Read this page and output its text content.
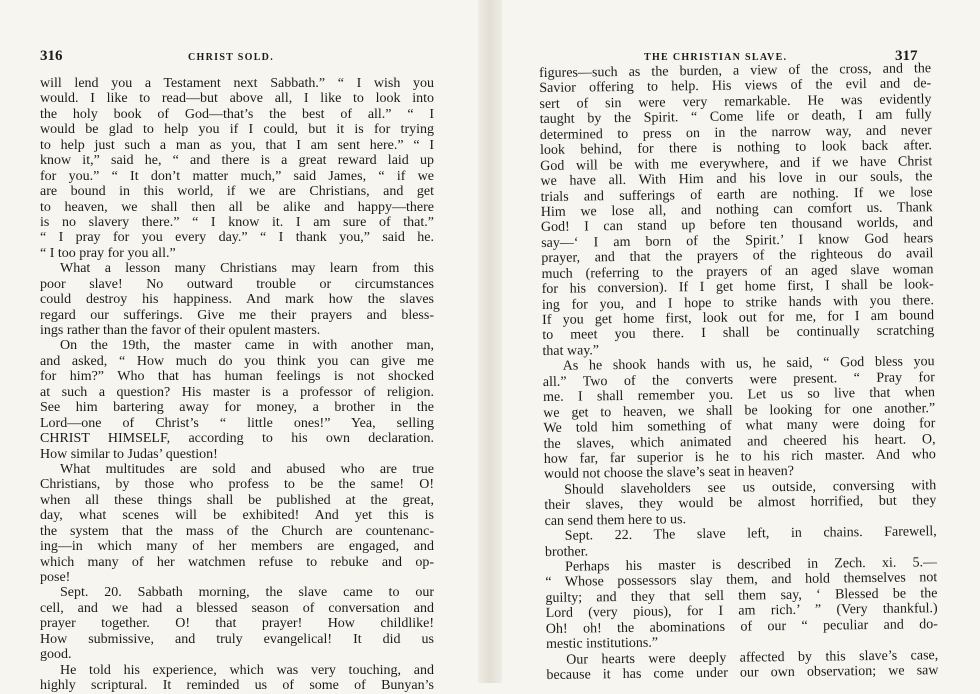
316	CHRIST SOLD.
will lend you a Testament next Sabbath.” “ I wish you
would. I like to read—but above all, I like to look into
the holy book of God—that’s the best of all.” “ I
would be glad to help you if I could, but it is for trying
to help just such a man as you, that I am sent here.” “ I
know it,” said he, “ and there is a great reward laid up
for you.” “ It don’t matter much,” said James, “ if we
are bound in this world, if we are Christians, and get
to heaven, we shall then all be alike and happy—there
is no slavery there.” “ I know it. I am sure of that.”
“ I pray for you every day.” “ I thank you,” said he.
“ I too pray for you all.”
What a lesson many Christians may learn from this
poor slave! No outward trouble or circumstances
could destroy his happiness. And mark how the slaves
regard our sufferings. Give me their prayers and bless-
ings rather than the favor of their opulent masters.
On the 19th, the master came in with another man,
and asked, “ How much do you think you can give me
for him?” Who that has human feelings is not shocked
at such a question? His master is a professor of religion.
See him bartering away for money, a brother in the
Lord—one of Christ’s “ little ones!” Yea, selling
CHRIST HIMSELF, according to his own declaration.
How similar to Judas’ question!
What multitudes are sold and abused who are true
Christians, by those who profess to be the same! O!
when all these things shall be published at the great,
day, what scenes will be exhibited! And yet this is
the system that the mass of the Church are countenanc-
ing—in which many of her members are engaged, and
which many of her watchmen refuse to rebuke and op-
pose!
Sept. 20. Sabbath morning, the slave came to our
cell, and we had a blessed season of conversation and
prayer together. O! that prayer! How childlike!
How submissive, and truly evangelical! It did us
good.
He told his experience, which was very touching, and
highly scriptural. It reminded us of some of Bunyan’s
THE CHRISTIAN SLAVE.	317
figures—such as the burden, a view of the cross, and the
Savior offering to help. His views of the evil and de-
sert of sin were very remarkable. He was evidently
taught by the Spirit. “ Come life or death, I am fully
determined to press on in the narrow way, and never
look behind, for there is nothing to look back after.
God will be with me everywhere, and if we have Christ
we have all. With Him and his love in our souls, the
trials and sufferings of earth are nothing. If we lose
Him we lose all, and nothing can comfort us. Thank
God! I can stand up before ten thousand worlds, and
say—‘ I am born of the Spirit.’ I know God hears
prayer, and that the prayers of the righteous do avail
much (referring to the prayers of an aged slave woman
for his conversion). If I get home first, I shall be look-
ing for you, and I hope to strike hands with you there.
If you get home first, look out for me, for I am bound
to meet you there. I shall be continually scratching
that way.”
As he shook hands with us, he said, “ God bless you
all.” Two of the converts were present. “ Pray for
me. I shall remember you. Let us so live that when
we get to heaven, we shall be looking for one another.”
We told him something of what many were doing for
the slaves, which animated and cheered his heart. O,
how far, far superior is he to his rich master. And who
would not choose the slave’s seat in heaven?
Should slaveholders see us outside, conversing with
their slaves, they would be almost horrified, but they
can send them here to us.
Sept. 22. The slave left, in chains. Farewell,
brother.
Perhaps his master is described in Zech. xi. 5.—
“ Whose possessors slay them, and hold themselves not
guilty; and they that sell them say, ‘ Blessed be the
Lord (very pious), for I am rich.’ ” (Very thankful.)
Oh! oh! the abominations of our “ peculiar and do-
mestic institutions.”
Our hearts were deeply affected by this slave’s case,
because it has come under our own observation; we saw
